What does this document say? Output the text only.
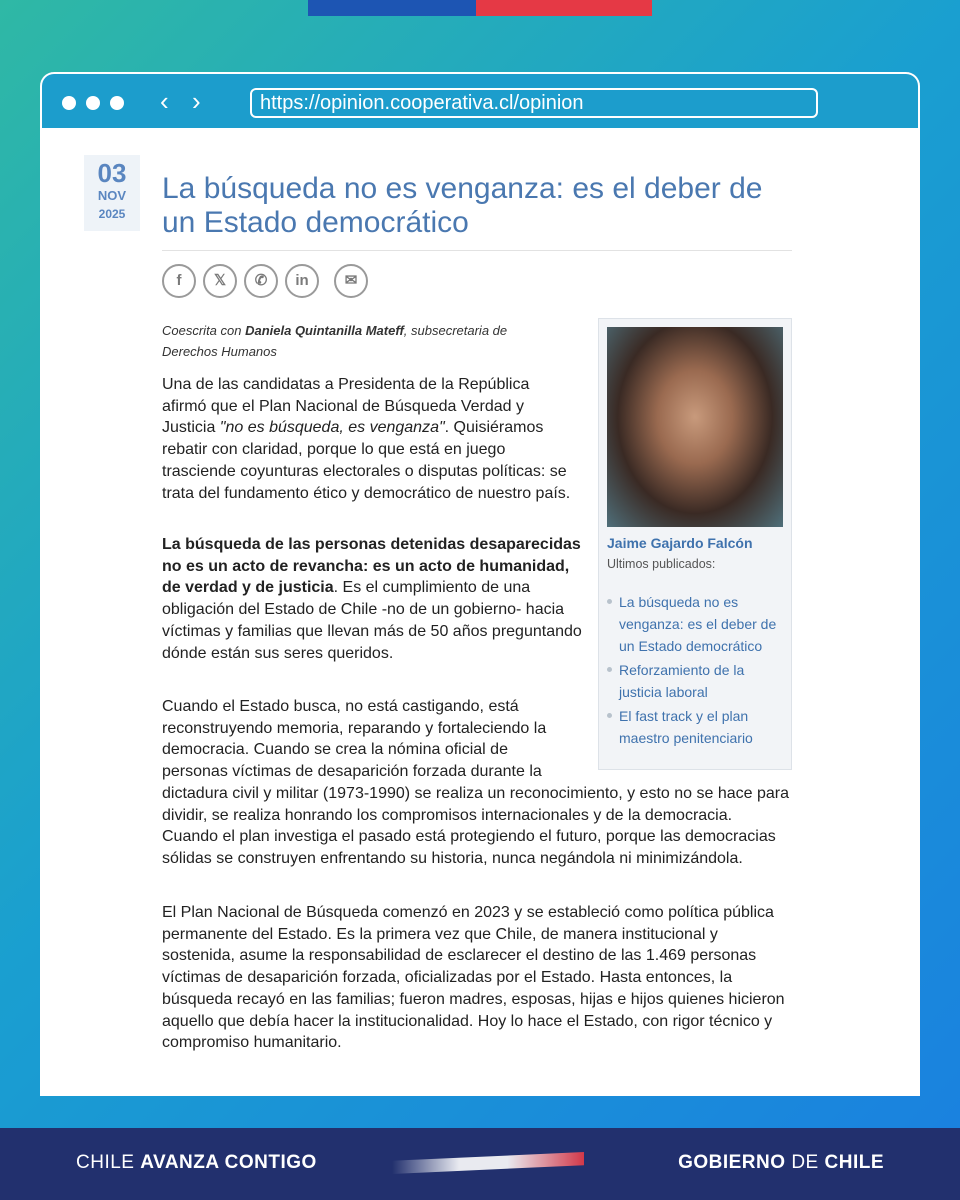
‹ ›	https://opinion.cooperativa.cl/opinion
03
NOV
2025
La búsqueda no es venganza: es el deber de un Estado democrático
f	𝕏	✆	in	✉
Coescrita con Daniela Quintanilla Mateff, subsecretaria de Derechos Humanos
Una de las candidatas a Presidenta de la República afirmó que el Plan Nacional de Búsqueda Verdad y Justicia "no es búsqueda, es venganza". Quisiéramos rebatir con claridad, porque lo que está en juego trasciende coyunturas electorales o disputas políticas: se trata del fundamento ético y democrático de nuestro país.
La búsqueda de las personas detenidas desaparecidas no es un acto de revancha: es un acto de humanidad, de verdad y de justicia. Es el cumplimiento de una obligación del Estado de Chile -no de un gobierno- hacia víctimas y familias que llevan más de 50 años preguntando dónde están sus seres queridos.
Cuando el Estado busca, no está castigando, está reconstruyendo memoria, reparando y fortaleciendo la democracia. Cuando se crea la nómina oficial de personas víctimas de desaparición forzada durante la dictadura civil y militar (1973-1990) se realiza un reconocimiento, y esto no se hace para dividir, se realiza honrando los compromisos internacionales y de la democracia. Cuando el plan investiga el pasado está protegiendo el futuro, porque las democracias sólidas se construyen enfrentando su historia, nunca negándola ni minimizándola.
El Plan Nacional de Búsqueda comenzó en 2023 y se estableció como política pública permanente del Estado. Es la primera vez que Chile, de manera institucional y sostenida, asume la responsabilidad de esclarecer el destino de las 1.469 personas víctimas de desaparición forzada, oficializadas por el Estado. Hasta entonces, la búsqueda recayó en las familias; fueron madres, esposas, hijas e hijos quienes hicieron aquello que debía hacer la institucionalidad. Hoy lo hace el Estado, con rigor técnico y compromiso humanitario.
Jaime Gajardo Falcón
Ultimos publicados:
La búsqueda no es venganza: es el deber de un Estado democrático
Reforzamiento de la justicia laboral
El fast track y el plan maestro penitenciario
CHILE AVANZA CONTIGO	GOBIERNO DE CHILE
